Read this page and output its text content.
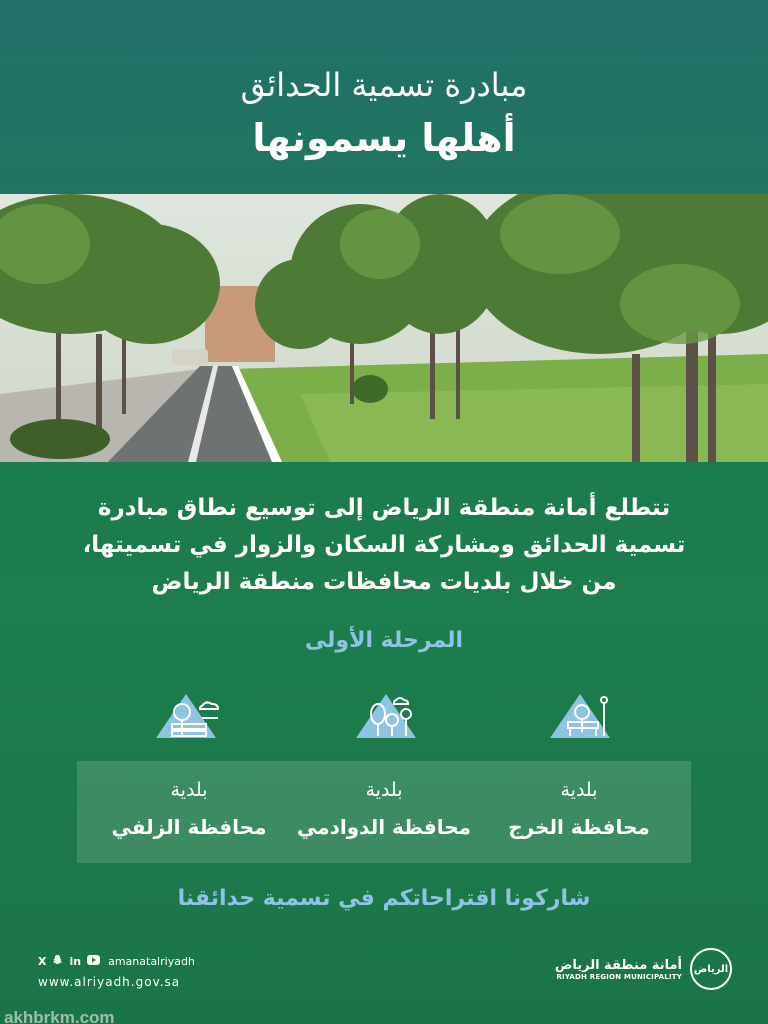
مبادرة تسمية الحدائق
أهلها يسمونها
تتطلع أمانة منطقة الرياض إلى توسيع نطاق مبادرة
تسمية الحدائق ومشاركة السكان والزوار في تسميتها،
من خلال بلديات محافظات منطقة الرياض
المرحلة الأولى
بلدية
محافظة الخرج
بلدية
محافظة الدوادمي
بلدية
محافظة الزلفي
شاركونا اقتراحاتكم في تسمية حدائقنا
X in amanatalriyadh
www.alriyadh.gov.sa
أمانة منطقة الرياض
RIYADH REGION MUNICIPALITY
الرياض
akhbrkm.com
